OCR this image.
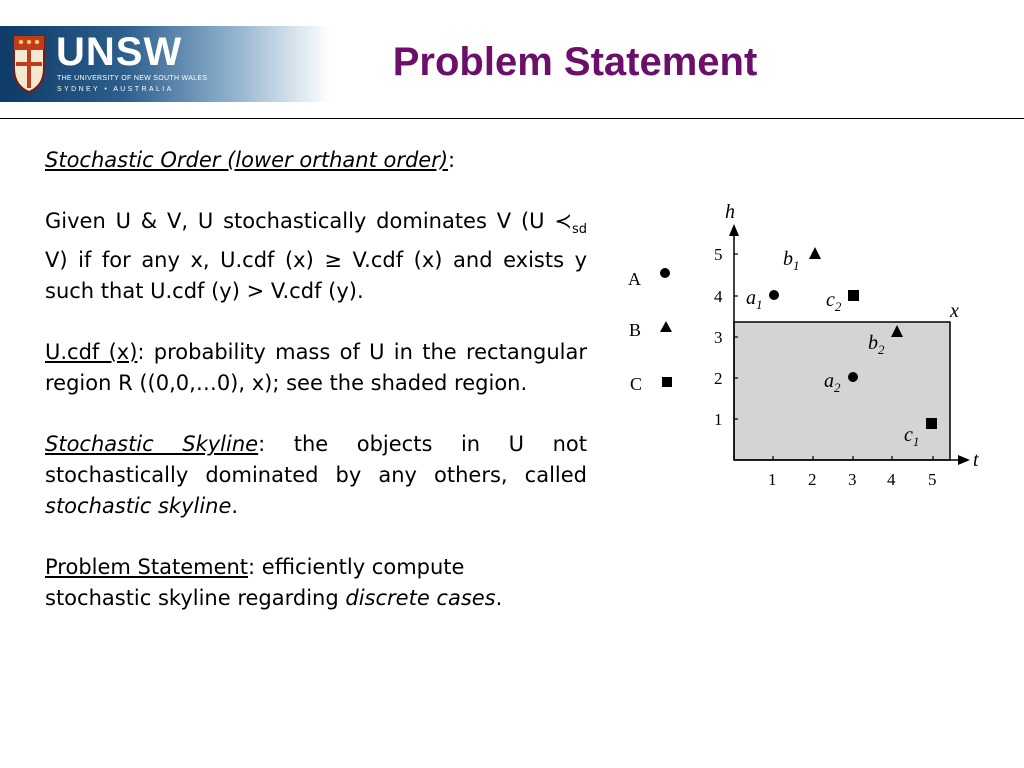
UNSW
THE UNIVERSITY OF NEW SOUTH WALES
SYDNEY • AUSTRALIA
Problem Statement

Stochastic Order (lower orthant order):

Given U & V, U stochastically dominates V (U $≺_{sd}$ V) if for any x, U.cdf (x) ≥ V.cdf (x) and exists y such that U.cdf (y) > V.cdf (y).

U.cdf (x): probability mass of U in the rectangular region R ((0,0,…0), x); see the shaded region.

Stochastic Skyline: the objects in U not stochastically dominated by any others, called stochastic skyline.

Problem Statement: efficiently compute stochastic skyline regarding discrete cases.

h
t
x
1 2 3 4 5
1
2
3
4
5
A
B
C
$a_1$
$a_2$
$b_1$
$b_2$
$c_1$
$c_2$
